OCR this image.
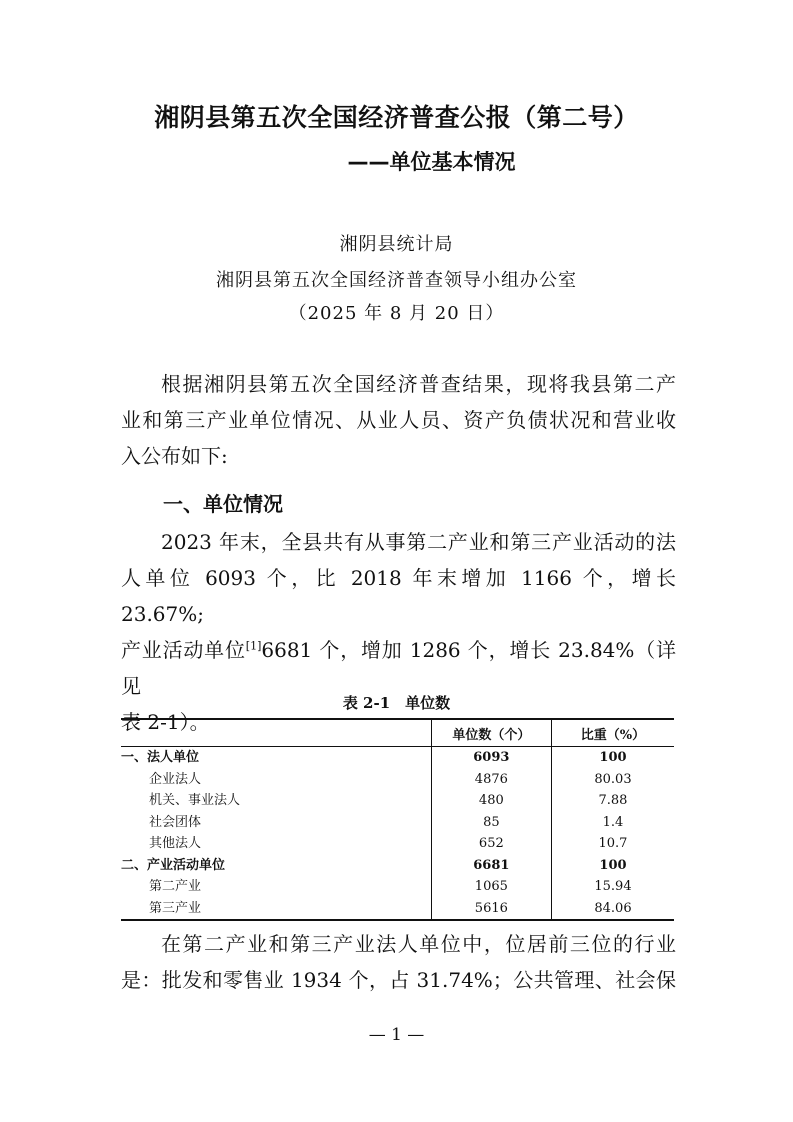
湘阴县第五次全国经济普查公报（第二号）
——单位基本情况

湘阴县统计局

湘阴县第五次全国经济普查领导小组办公室

（2025 年 8 月 20 日）

根据湘阴县第五次全国经济普查结果，现将我县第二产
业和第三产业单位情况、从业人员、资产负债状况和营业收
入公布如下:
一、单位情况
2023 年末，全县共有从事第二产业和第三产业活动的法
人单位 6093 个，比 2018 年末增加 1166 个，增长 23.67%;
产业活动单位[1]6681 个，增加 1286 个，增长 23.84%（详见
表 2-1）。

表 2-1　单位数

	单位数（个）	比重（%）
一、法人单位	6093	100
企业法人	4876	80.03
机关、事业法人	480	7.88
社会团体	85	1.4
其他法人	652	10.7
二、产业活动单位	6681	100
第二产业	1065	15.94
第三产业	5616	84.06
在第二产业和第三产业法人单位中，位居前三位的行业
是：批发和零售业 1934 个，占 31.74%；公共管理、社会保

— 1 —
